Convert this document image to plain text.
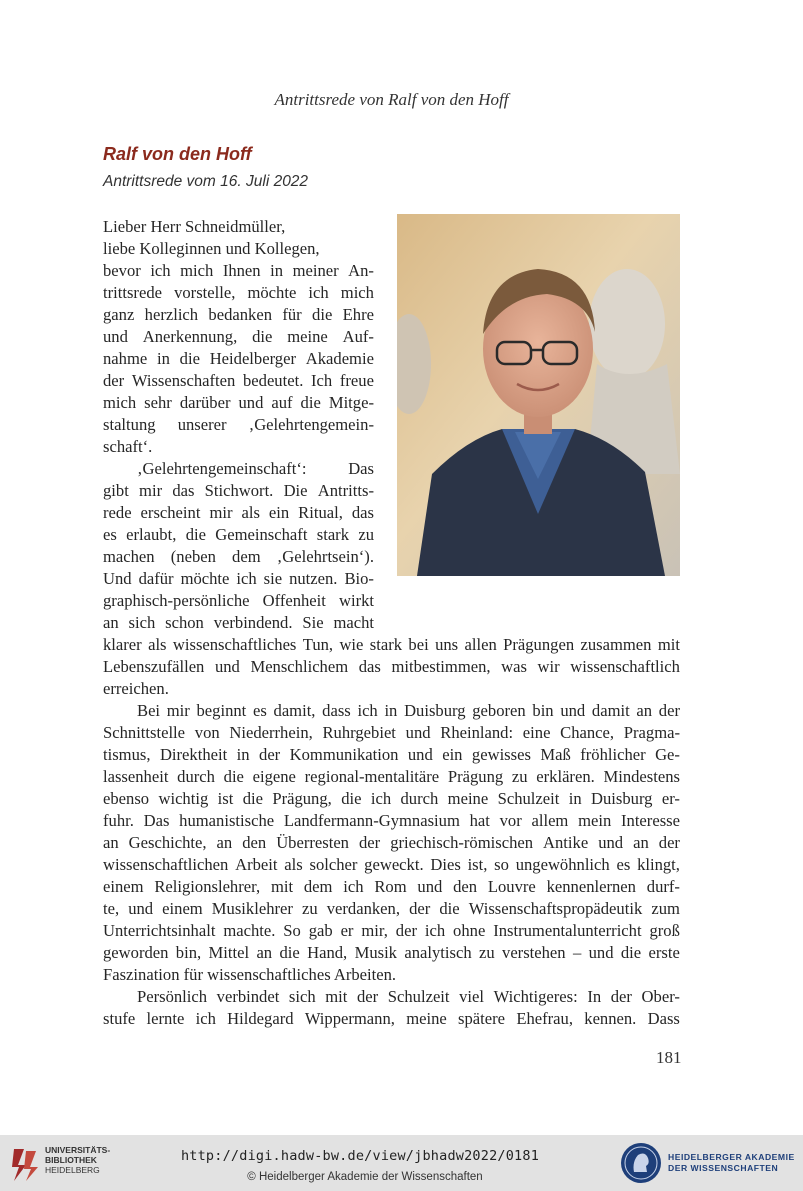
Antrittsrede von Ralf von den Hoff
Ralf von den Hoff
Antrittsrede vom 16. Juli 2022
Lieber Herr Schneidmüller,
liebe Kolleginnen und Kollegen,
bevor ich mich Ihnen in meiner An-
trittsrede vorstelle, möchte ich mich
ganz herzlich bedanken für die Ehre
und Anerkennung, die meine Auf-
nahme in die Heidelberger Akademie
der Wissenschaften bedeutet. Ich freue
mich sehr darüber und auf die Mitge-
staltung unserer ‚Gelehrtengemein-
schaft‘.
‚Gelehrtengemeinschaft‘:	Das
gibt mir das Stichwort. Die Antritts-
rede erscheint mir als ein Ritual, das
es erlaubt, die Gemeinschaft stark zu
machen (neben dem ‚Gelehrtsein‘).
Und dafür möchte ich sie nutzen. Bio-
graphisch-persönliche Offenheit wirkt
an sich schon verbindend. Sie macht
klarer als wissenschaftliches Tun, wie stark bei uns allen Prägungen zusammen mit
Lebenszufällen und Menschlichem das mitbestimmen, was wir wissenschaftlich
erreichen.
Bei mir beginnt es damit, dass ich in Duisburg geboren bin und damit an der
Schnittstelle von Niederrhein, Ruhrgebiet und Rheinland: eine Chance, Pragma-
tismus, Direktheit in der Kommunikation und ein gewisses Maß fröhlicher Ge-
lassenheit durch die eigene regional-mentalitäre Prägung zu erklären. Mindestens
ebenso wichtig ist die Prägung, die ich durch meine Schulzeit in Duisburg er-
fuhr. Das humanistische Landfermann-Gymnasium hat vor allem mein Interesse
an Geschichte, an den Überresten der griechisch-römischen Antike und an der
wissenschaftlichen Arbeit als solcher geweckt. Dies ist, so ungewöhnlich es klingt,
einem Religionslehrer, mit dem ich Rom und den Louvre kennenlernen durf-
te, und einem Musiklehrer zu verdanken, der die Wissenschaftspropädeutik zum
Unterrichtsinhalt machte. So gab er mir, der ich ohne Instrumentalunterricht groß
geworden bin, Mittel an die Hand, Musik analytisch zu verstehen – und die erste
Faszination für wissenschaftliches Arbeiten.
Persönlich verbindet sich mit der Schulzeit viel Wichtigeres: In der Ober-
stufe lernte ich Hildegard Wippermann, meine spätere Ehefrau, kennen. Dass
181
UNIVERSITÄTS-
BIBLIOTHEK
HEIDELBERG
http://digi.hadw-bw.de/view/jbhadw2022/0181
© Heidelberger Akademie der Wissenschaften
HEIDELBERGER AKADEMIE
DER WISSENSCHAFTEN
